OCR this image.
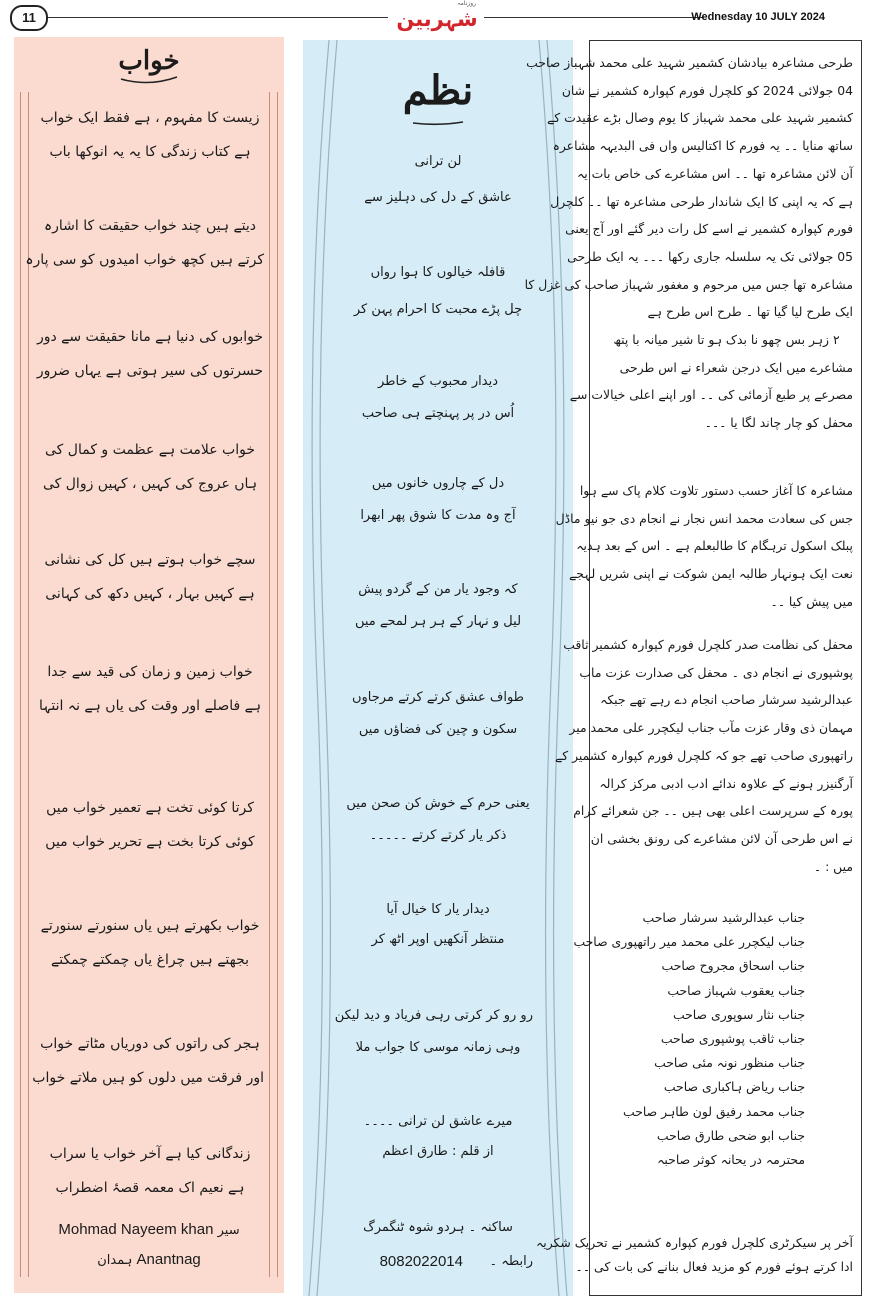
11
روزنامہ
شہربین	Wednesday 10 JULY 2024
خواب
زیست کا مفہوم ، ہے فقط ایک خواب
ہے کتاب زندگی کا یہ یہ انوکھا باب
دیتے ہیں چند خواب حقیقت کا اشارہ
کرتے ہیں کچھ خواب امیدوں کو سی پارہ
خوابوں کی دنیا ہے مانا حقیقت سے دور
حسرتوں کی سیر ہوتی ہے یہاں ضرور
خواب علامت ہے عظمت و کمال کی
ہاں عروج کی کہیں ، کہیں زوال کی
سچے خواب ہوتے ہیں کل کی نشانی
ہے کہیں بہار ، کہیں دکھ کی کہانی
خواب زمین و زمان کی قید سے جدا
ہے فاصلے اور وقت کی یاں ہے نہ انتہا
کرتا کوئی تخت ہے تعمیر خواب میں
کوئی کرتا بخت ہے تحریر خواب میں
خواب بکھرتے ہیں یاں سنورتے سنورتے
بجھتے ہیں چراغ یاں چمکتے چمکتے
ہجر کی راتوں کی دوریاں مٹاتے خواب
اور فرقت میں دلوں کو ہیں ملاتے خواب
زندگانی کیا ہے آخر خواب یا سراب
ہے نعیم اک معمہ قصۂ اضطراب
Mohmad Nayeem khan سیر
ہمدان Anantnag
نظم
لن ترانی
عاشق کے دل کی دہلیز سے
قافلہ خیالوں کا ہوا رواں
چل پڑے محبت کا احرام پہن کر
دیدار محبوب کے خاطر
اُس در پر پہنچتے ہی صاحب
دل کے چاروں خانوں میں
آج وہ مدت کا شوق پھر ابھرا
کہ وجود یار من کے گردو پیش
لیل و نہار کے ہر ہر لمحے میں
طواف عشق کرتے کرتے مرجاوں
سکون و چین کی فضاؤں میں
یعنی حرم کے خوش کن صحن میں
ذکر یار کرتے کرتے ۔۔۔۔۔
دیدار یار کا خیال آیا
منتظر آنکھیں اوپر اٹھ کر
رو رو کر کرتی رہی فریاد و دید لیکن
وہی زمانہ موسی کا جواب ملا
میرے عاشق لن ترانی ۔۔۔۔
از قلم : طارق اعظم
ساکنہ ۔ ہردو شوہ ٹنگمرگ
رابطہ ۔
8082022014
طرحی مشاعرہ بیادشان کشمیر شہید علی محمد شہباز صاحب
04 جولائی 2024 کو کلچرل فورم کپوارہ کشمیر نے شان
کشمیر شہید علی محمد شہباز کا یوم وصال بڑے عقیدت کے
ساتھ منایا ۔۔ یہ فورم کا اکتالیس واں فی البدیہہ مشاعرہ
آن لائن مشاعرہ تھا ۔۔ اس مشاعرے کی خاص بات یہ
ہے کہ یہ اپنی کا ایک شاندار طرحی مشاعرہ تھا ۔۔ کلچرل
فورم کپوارہ کشمیر نے اسے کل رات دیر گئے اور آج یعنی
05 جولائی تک یہ سلسلہ جاری رکھا ۔۔۔ یہ ایک طرحی
مشاعرہ تھا جس میں مرحوم و مغفور شہباز صاحب کی غزل کا
ایک طرح لیا گیا تھا ۔ طرح اس طرح ہے
۲ زہر بس چھو نا بدک ہو تا شیر میانہ با پتھ
مشاعرے میں ایک درجن شعراء نے اس طرحی
مصرعے پر طبع آزمائی کی ۔۔ اور اپنے اعلی خیالات سے
محفل کو چار چاند لگا یا ۔۔۔
مشاعرہ کا آغاز حسب دستور تلاوت کلام پاک سے ہوا
جس کی سعادت محمد انس نجار نے انجام دی جو نیو ماڈل
پبلک اسکول ترہگام کا طالبعلم ہے ۔ اس کے بعد ہدیہ
نعت ایک ہونہار طالبہ ایمن شوکت نے اپنی شریں لہجے
میں پیش کیا ۔۔
محفل کی نظامت صدر کلچرل فورم کپوارہ کشمیر ثاقب
پوشپوری نے انجام دی ۔ محفل کی صدارت عزت ماب
عبدالرشید سرشار صاحب انجام دے رہے تھے جبکہ
مہمان ذی وقار عزت مآب جناب لیکچرر علی محمد میر
راتھپوری صاحب تھے جو کہ کلچرل فورم کپوارہ کشمیر کے
آرگنیزر ہونے کے علاوہ ندائے ادب ادبی مرکز کرالہ
پورہ کے سرپرست اعلی بھی ہیں ۔۔ جن شعرائے کرام
نے اس طرحی آن لائن مشاعرے کی رونق بخشی ان
میں : ۔
جناب عبدالرشید سرشار صاحب
جناب لیکچرر علی محمد میر راتھپوری صاحب
جناب اسحاق مجروح صاحب
جناب یعقوب شہباز صاحب
جناب نثار سوپوری صاحب
جناب ثاقب پوشپوری صاحب
جناب منظور نونہ مئی صاحب
جناب ریاض ہاکباری صاحب
جناب محمد رفیق لون طاہر صاحب
جناب ابو ضحی طارق صاحب
محترمہ در یحانہ کوثر صاحبہ
آخر پر سیکرٹری کلچرل فورم کپوارہ کشمیر نے تحریک شکریہ
ادا کرتے ہوئے فورم کو مزید فعال بنانے کی بات کی ۔۔
